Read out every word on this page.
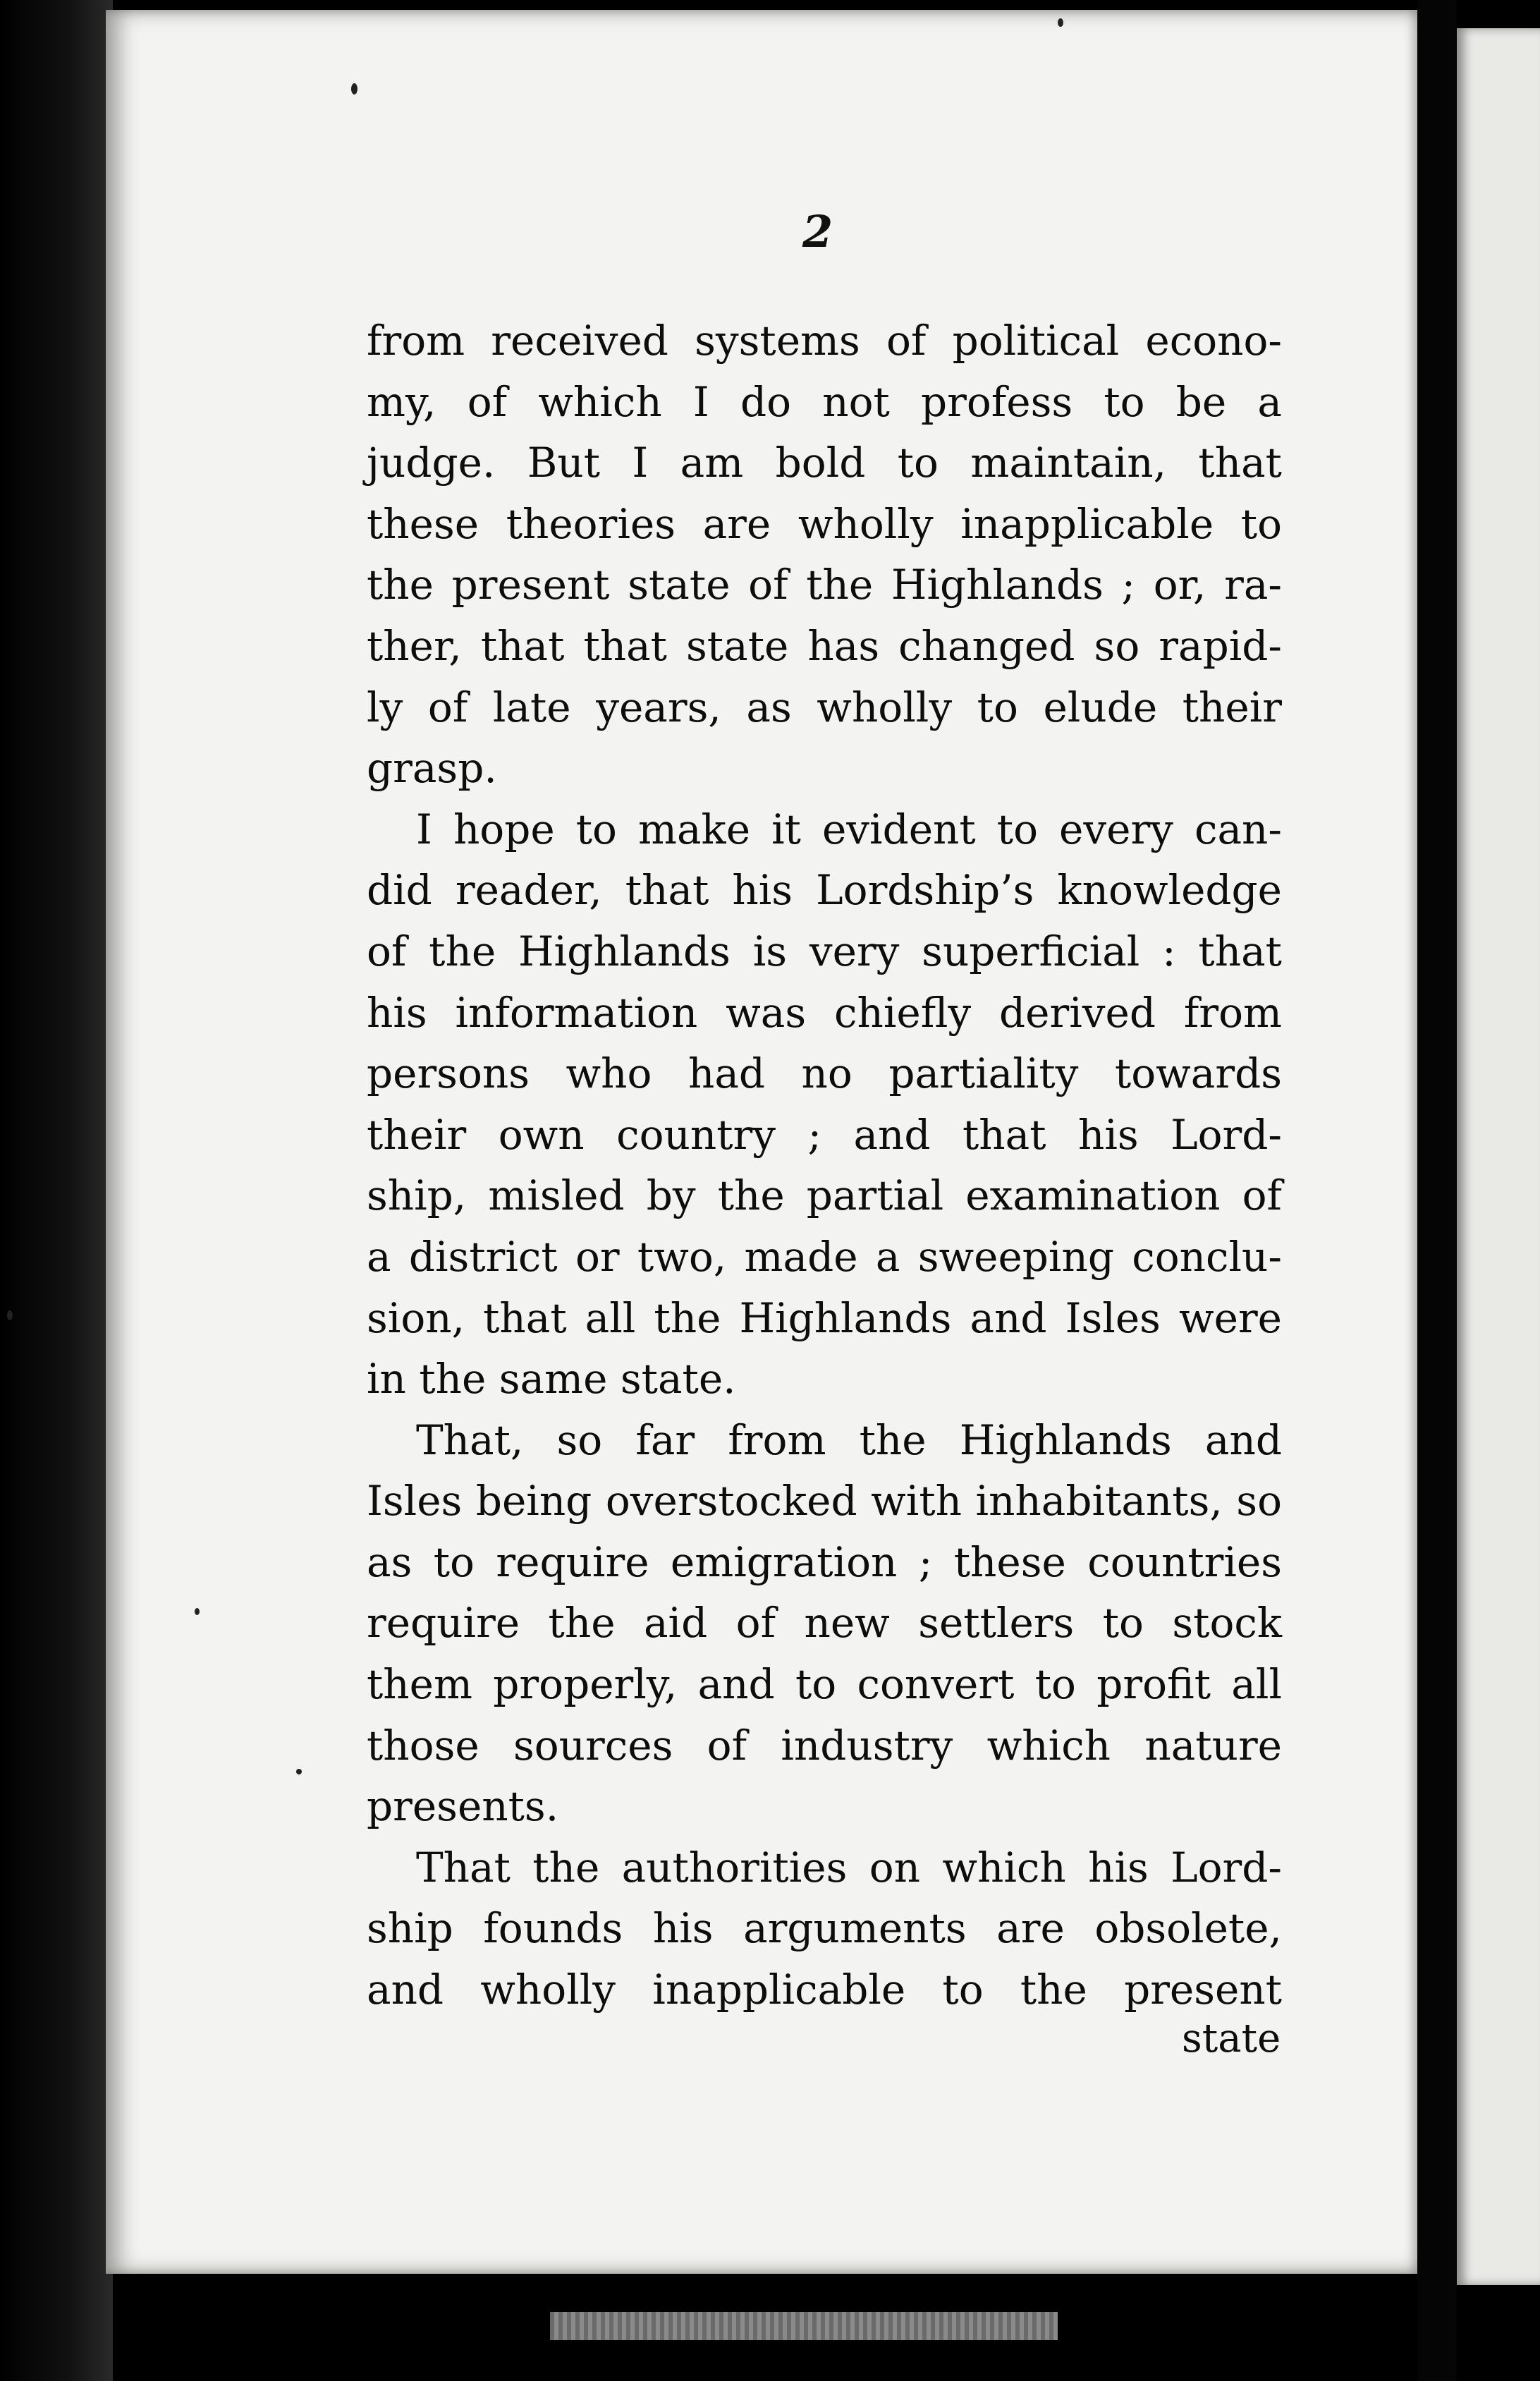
2
from received systems of political econo-
my, of which I do not profess to be a
judge. But I am bold to maintain, that
these theories are wholly inapplicable to
the present state of the Highlands ; or, ra-
ther, that that state has changed so rapid-
ly of late years, as wholly to elude their
grasp.
I hope to make it evident to every can-
did reader, that his Lordship’s knowledge
of the Highlands is very superficial : that
his information was chiefly derived from
persons who had no partiality towards
their own country ; and that his Lord-
ship, misled by the partial examination of
a district or two, made a sweeping conclu-
sion, that all the Highlands and Isles were
in the same state.
That, so far from the Highlands and
Isles being overstocked with inhabitants, so
as to require emigration ; these countries
require the aid of new settlers to stock
them properly, and to convert to profit all
those sources of industry which nature
presents.
That the authorities on which his Lord-
ship founds his arguments are obsolete,
and wholly inapplicable to the present
state
